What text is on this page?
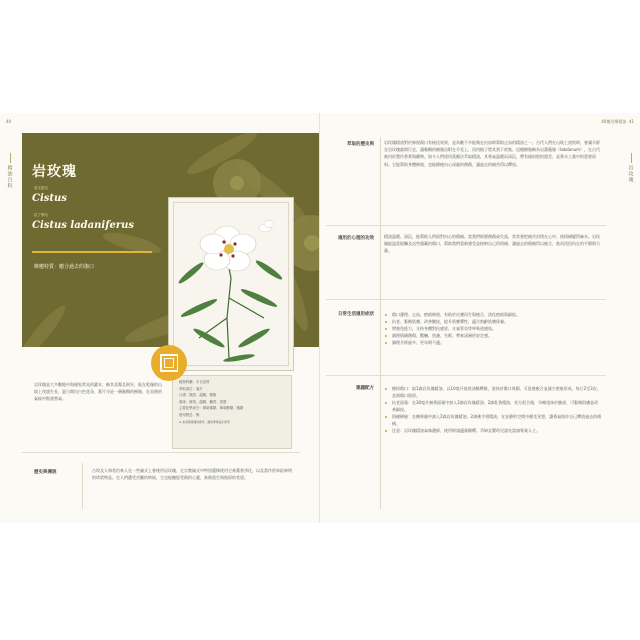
40
精油百科 岩玫瑰
英文俗名
Cistus
拉丁學名
Cistus ladaniferus
療癒特質：癒合過去的傷口
植物科屬：半日花科
萃取部位：葉片
口感：微甜、溫暖、樹脂
氣味：琥珀、溫暖、麝香、香甜
主要化學成分：單萜烯類、單萜醇類、酯類
使用禁忌：無
※ 本書資訊僅供參考，請依專業指示使用
岩玫瑰是大多數地中海國家常見的灌木，稱其喜陽且耐旱，能在乾燥的山坡上茂盛生長，夏日開出白色花朵，葉片分泌一層黏稠的樹脂，在炎熱的氣候中散發香氣。
歷史與傳說	古埃及人和希伯來人在一些儀式上會使用岩玫瑰，在宗教儀式中特別選擇使用它來薰香淨化，以及當作供奉給神明的珍貴物品。在人們遭受苦難的時候，它也能撫慰受傷的心靈，象徵重生與復原的希望。
40種芳療精油 41
岩玫瑰
萃取的歷史與	岩玫瑰精油對於修復傷口有極佳效果，是為數不多能夠在出血時幫助止血的精油之一。古代人們在山坡上放牧時，會讓羊群在岩玫瑰叢間行走，讓黏稠的樹脂沾附在羊毛上，再用梳子將其刮下收集。這種樹脂稱為岩薔薇脂（labdanum），在古代被用於製作香膏與藥物。如今人們使用蒸餾法萃取精油，其香氣溫暖而深沉，帶有琥珀般的甜美，是香水工業中的重要原料。它能幫助身體修復，也能療癒內心深處的創傷，讓過去的痛苦得以釋放。
適用於心理的功效	精油溫暖、深沉，能幫助人們面對內心的傷痛。當我們經歷創傷或失落，常常會把痛苦封閉在心中，使情緒變得麻木。岩玫瑰能溫柔地觸及這些隱藏的傷口，幫助我們重新感受並接納自己的情緒，讓過去的傷痛得以癒合，進而找回內在的平靜與力量。
日常生活適用症狀	傷口護理、止血、疤痕修復，有助於皮膚再生與癒合，淡化疤痕與細紋。
抗老、緊緻肌膚、改善皺紋，提升肌膚彈性，適合熟齡肌膚保養。
增強免疫力，支持身體對抗感冒、支氣管炎等呼吸道感染。
調理情緒創傷、驚嚇、焦慮、失眠，帶來深層的安定感。
調理月經過多、更年期不適。
建議配方	擦拭傷口：取1滴岩玫瑰精油，以10毫升基底油稀釋後，塗抹於傷口周圍，可促進癒合並減少疤痕形成。每日2至3次，直到傷口復原。
抗老面霜：在30毫升無香面霜中加入3滴岩玫瑰精油、2滴乳香精油，充分混合後，早晚塗抹於臉部，可緊緻肌膚並改善細紋。
情緒療癒：在擴香儀中滴入2滴岩玫瑰精油、2滴佛手柑精油，在安靜的空間中靜坐冥想，讓香氣陪伴自己釋放過去的傷痛。
注意：岩玫瑰精油氣味濃郁，使用時請適量稀釋，孕婦及嬰幼兒請先諮詢專業人士。
